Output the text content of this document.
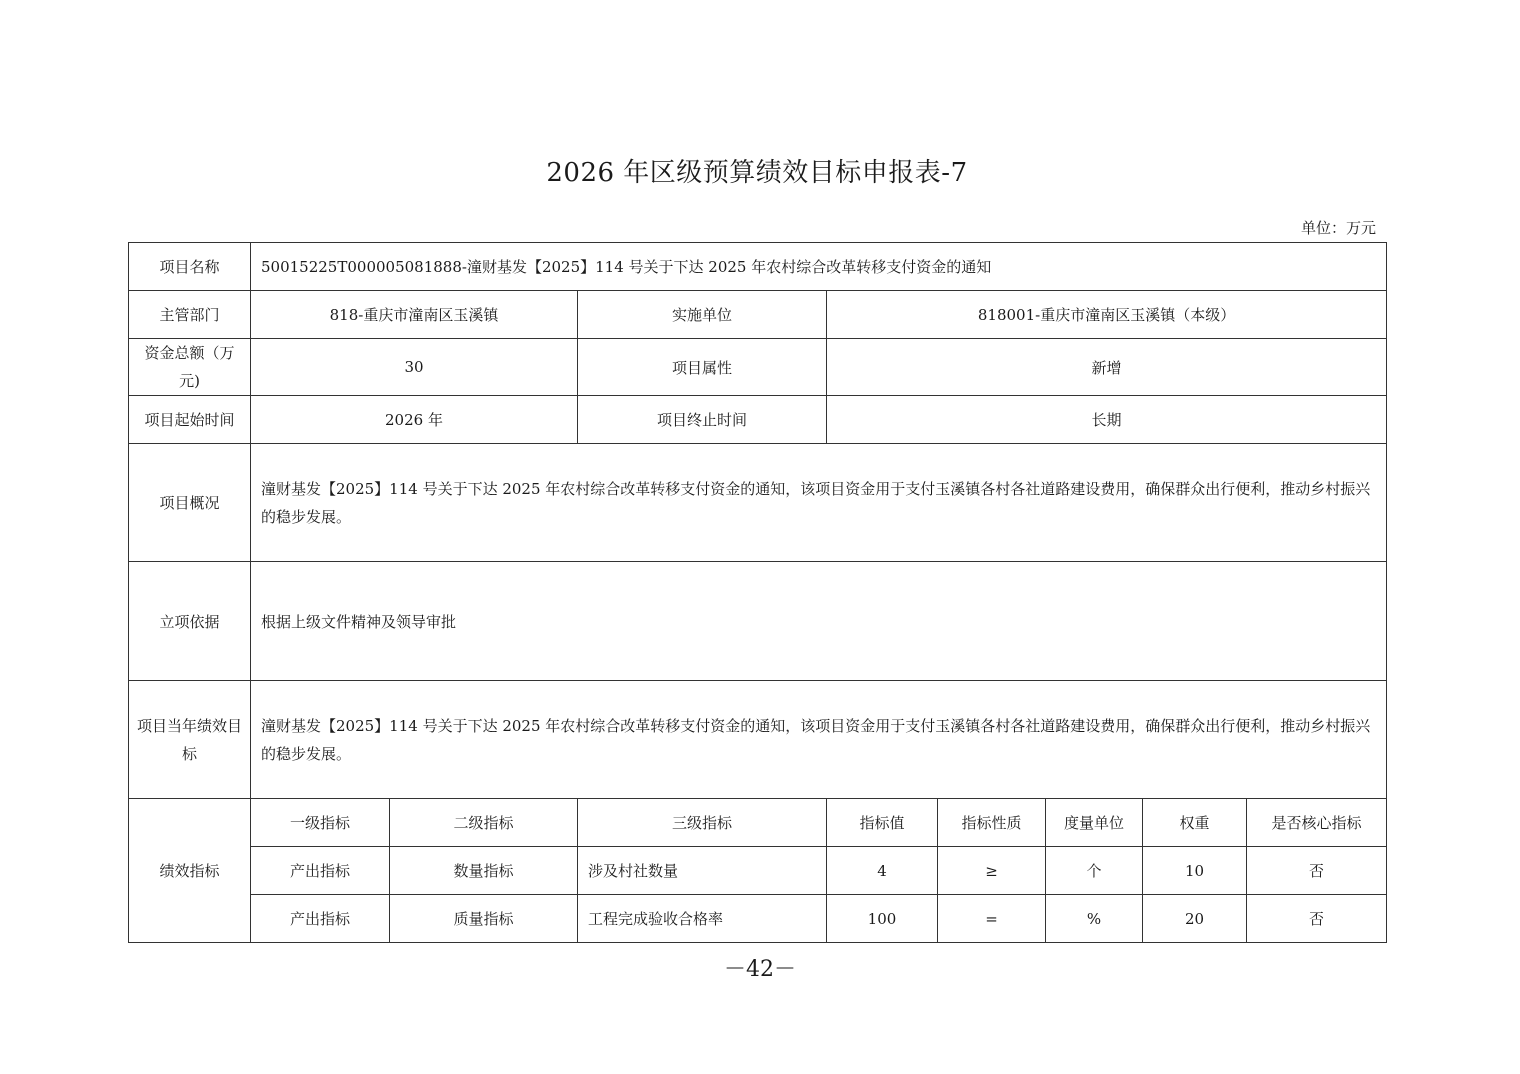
2026 年区级预算绩效目标申报表-7
单位：万元
项目名称	50015225T000005081888-潼财基发【2025】114 号关于下达 2025 年农村综合改革转移支付资金的通知							
主管部门	818-重庆市潼南区玉溪镇		实施单位	818001-重庆市潼南区玉溪镇（本级）				
资金总额（万元)	30		项目属性	新增				
项目起始时间	2026 年		项目终止时间	长期				
项目概况	潼财基发【2025】114 号关于下达 2025 年农村综合改革转移支付资金的通知，该项目资金用于支付玉溪镇各村各社道路建设费用，确保群众出行便利，推动乡村振兴的稳步发展。							
立项依据	根据上级文件精神及领导审批							
项目当年绩效目标	潼财基发【2025】114 号关于下达 2025 年农村综合改革转移支付资金的通知，该项目资金用于支付玉溪镇各村各社道路建设费用，确保群众出行便利，推动乡村振兴的稳步发展。							
绩效指标	一级指标	二级指标	三级指标	指标值	指标性质	度量单位	权重	是否核心指标
	产出指标	数量指标	涉及村社数量	4	≥	个	10	否
	产出指标	质量指标	工程完成验收合格率	100	=	%	20	否
－42－
